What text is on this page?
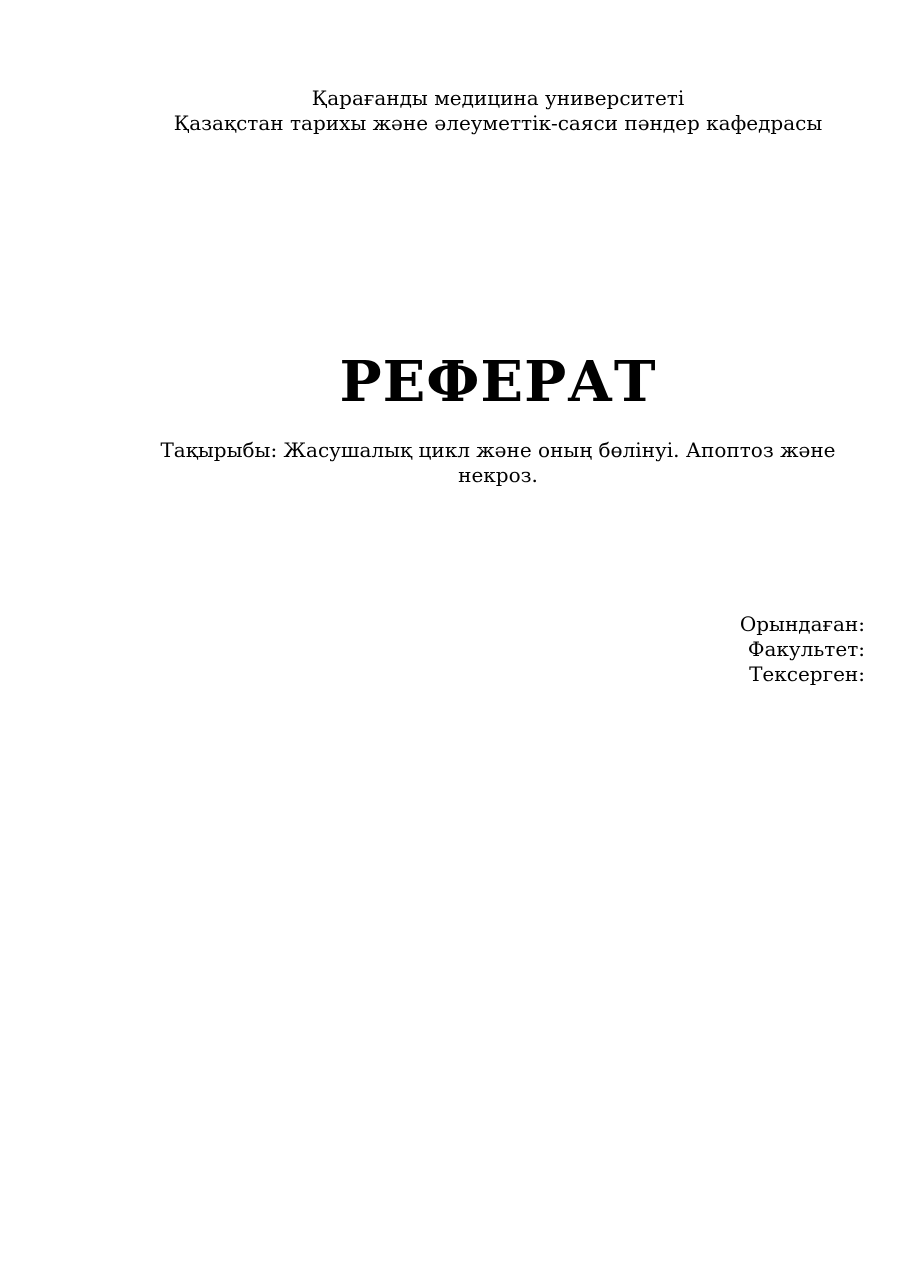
Қарағанды медицина университеті
Қазақстан тарихы және әлеуметтік-саяси пәндер кафедрасы
РЕФЕРАТ
Тақырыбы: Жасушалық цикл және оның бөлінуі. Апоптоз және некроз.
Орындаған:
Факультет:
Тексерген:
